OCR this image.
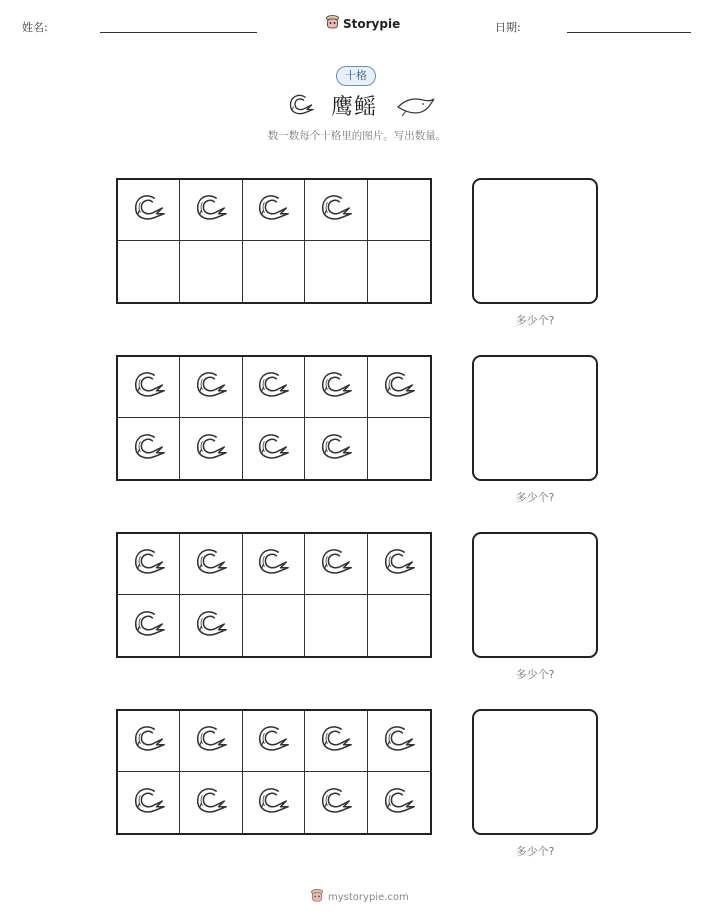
姓名:	Storypie	日期:
十格
鹰鳐
数一数每个十格里的图片。写出数量。
多少个?
多少个?
多少个?
多少个?
mystorypie.com
